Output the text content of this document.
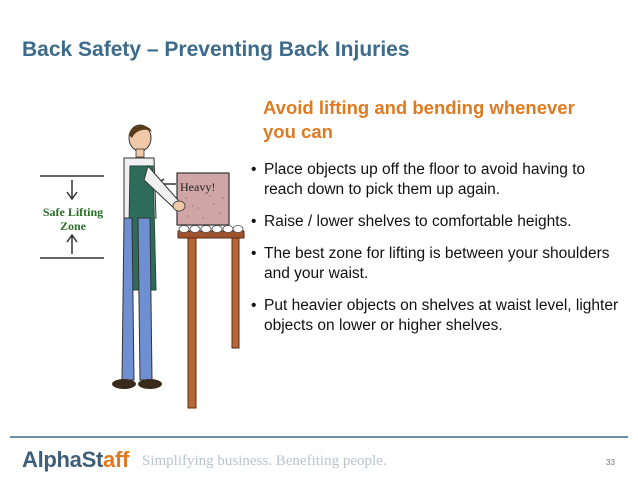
Back Safety – Preventing Back Injuries
Avoid lifting and bending whenever you can
• Place objects up off the floor to avoid having to reach down to pick them up again.
• Raise / lower shelves to comfortable heights.
• The best zone for lifting is between your shoulders and your waist.
• Put heavier objects on shelves at waist level, lighter objects on lower or higher shelves.
Heavy!
Safe Lifting
Zone
AlphaStaff Simplifying business. Benefiting people.	33
